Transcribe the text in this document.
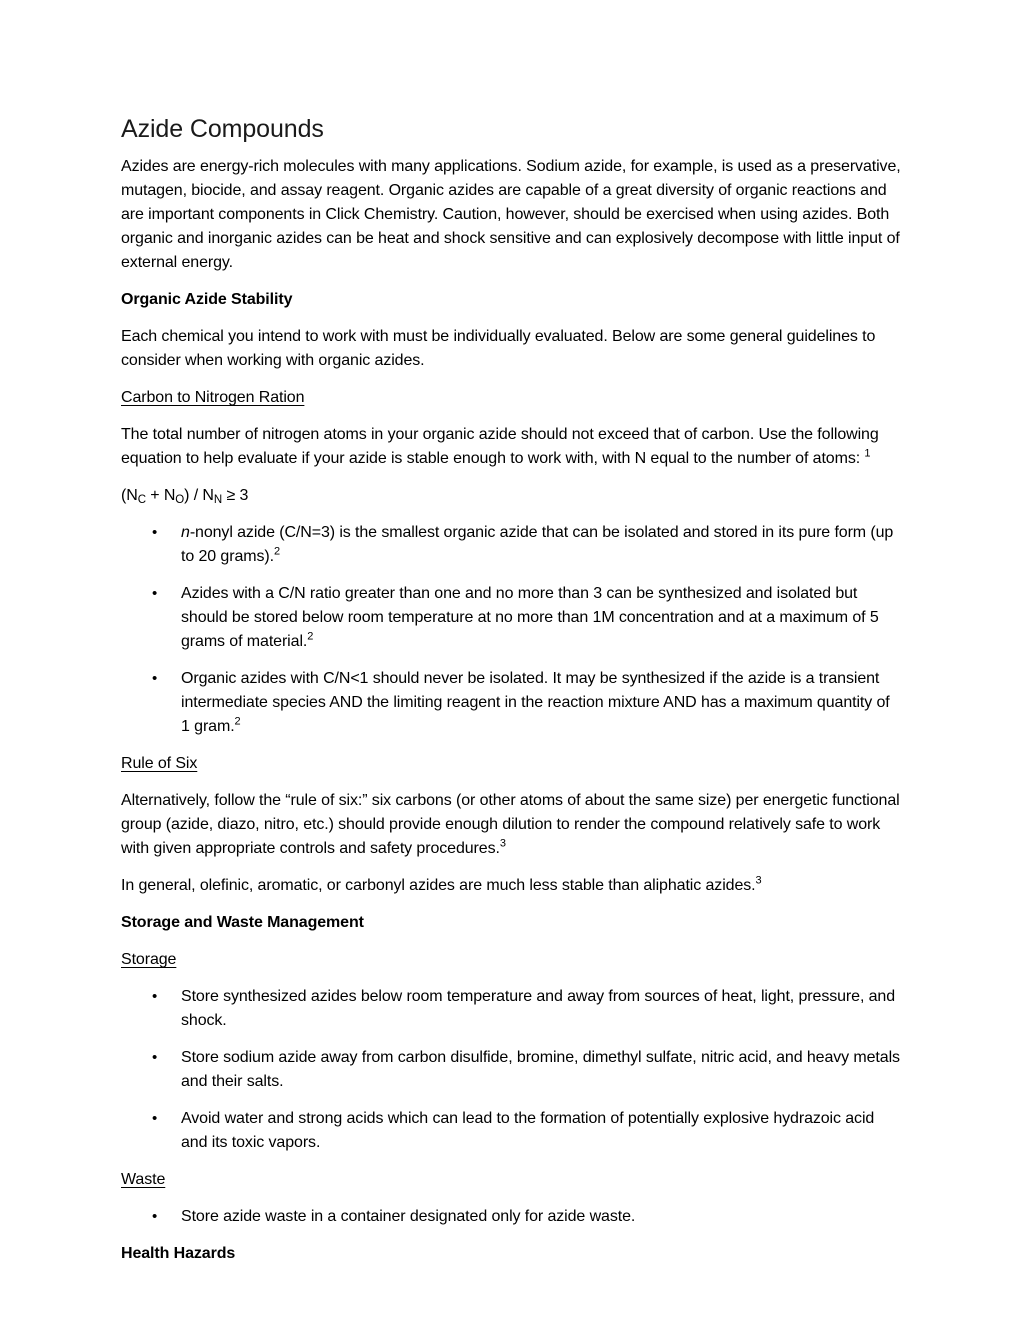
Azide Compounds
Azides are energy-rich molecules with many applications. Sodium azide, for example, is used as a preservative, mutagen, biocide, and assay reagent. Organic azides are capable of a great diversity of organic reactions and are important components in Click Chemistry. Caution, however, should be exercised when using azides. Both organic and inorganic azides can be heat and shock sensitive and can explosively decompose with little input of external energy.
Organic Azide Stability
Each chemical you intend to work with must be individually evaluated. Below are some general guidelines to consider when working with organic azides.
Carbon to Nitrogen Ration
The total number of nitrogen atoms in your organic azide should not exceed that of carbon. Use the following equation to help evaluate if your azide is stable enough to work with, with N equal to the number of atoms: $^1$
(NC + NO) / NN ≥ 3
•	n-nonyl azide (C/N=3) is the smallest organic azide that can be isolated and stored in its pure form (up to 20 grams).$^2$
•	Azides with a C/N ratio greater than one and no more than 3 can be synthesized and isolated but should be stored below room temperature at no more than 1M concentration and at a maximum of 5 grams of material.$^2$
•	Organic azides with C/N<1 should never be isolated. It may be synthesized if the azide is a transient intermediate species AND the limiting reagent in the reaction mixture AND has a maximum quantity of 1 gram.$^2$
Rule of Six
Alternatively, follow the “rule of six:” six carbons (or other atoms of about the same size) per energetic functional group (azide, diazo, nitro, etc.) should provide enough dilution to render the compound relatively safe to work with given appropriate controls and safety procedures.$^3$
In general, olefinic, aromatic, or carbonyl azides are much less stable than aliphatic azides.$^3$
Storage and Waste Management
Storage
•	Store synthesized azides below room temperature and away from sources of heat, light, pressure, and shock.
•	Store sodium azide away from carbon disulfide, bromine, dimethyl sulfate, nitric acid, and heavy metals and their salts.
•	Avoid water and strong acids which can lead to the formation of potentially explosive hydrazoic acid and its toxic vapors.
Waste
•	Store azide waste in a container designated only for azide waste.
Health Hazards
